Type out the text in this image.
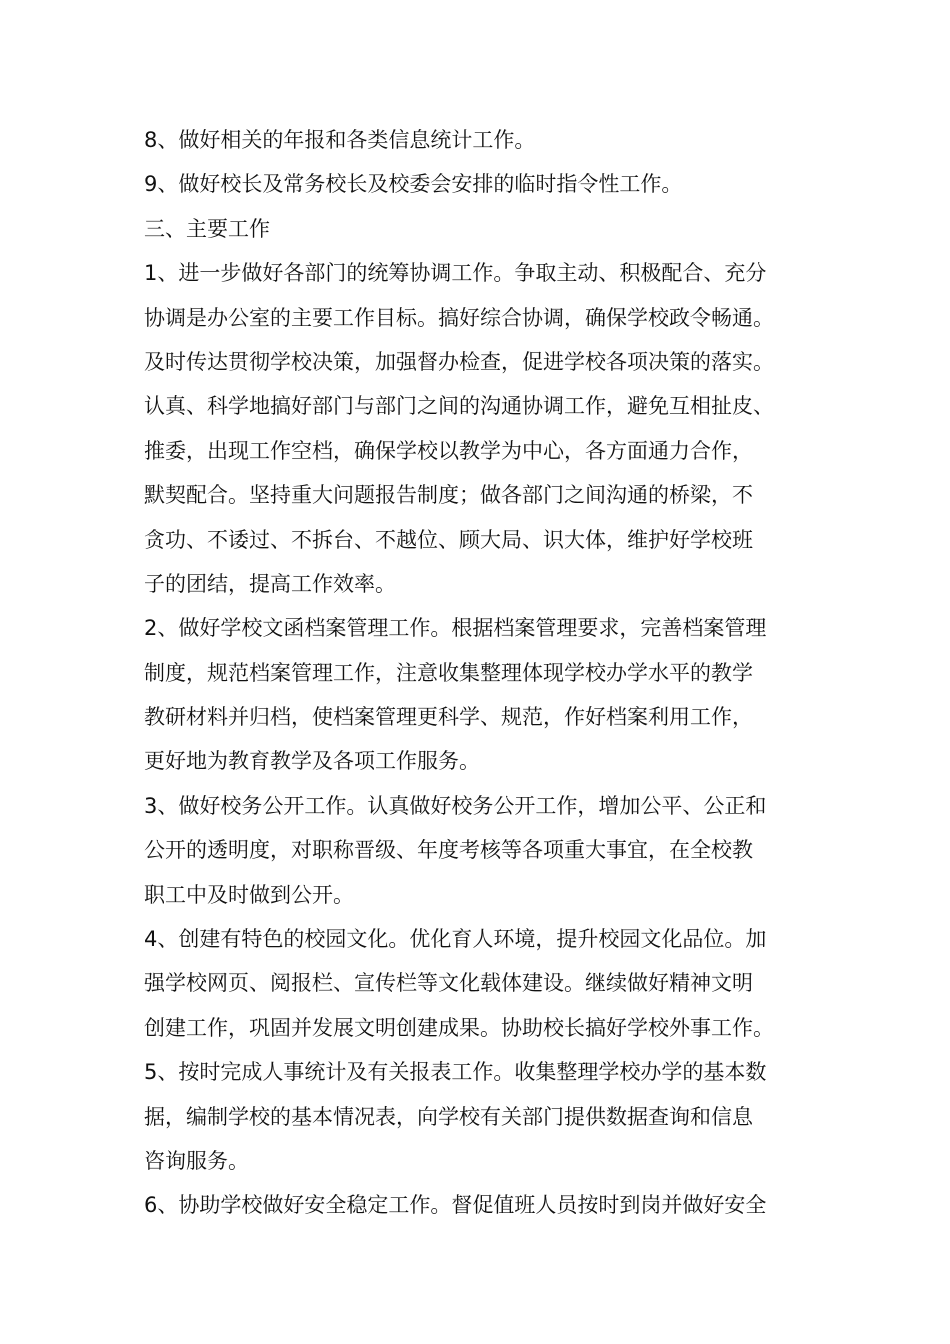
8、做好相关的年报和各类信息统计工作。

9、做好校长及常务校长及校委会安排的临时指令性工作。

三、主要工作

1、进一步做好各部门的统筹协调工作。争取主动、积极配合、充分
协调是办公室的主要工作目标。搞好综合协调，确保学校政令畅通。
及时传达贯彻学校决策，加强督办检查，促进学校各项决策的落实。
认真、科学地搞好部门与部门之间的沟通协调工作，避免互相扯皮、
推委，出现工作空档，确保学校以教学为中心，各方面通力合作，
默契配合。坚持重大问题报告制度；做各部门之间沟通的桥梁，不
贪功、不诿过、不拆台、不越位、顾大局、识大体，维护好学校班
子的团结，提高工作效率。

2、做好学校文函档案管理工作。根据档案管理要求，完善档案管理
制度，规范档案管理工作，注意收集整理体现学校办学水平的教学
教研材料并归档，使档案管理更科学、规范，作好档案利用工作，
更好地为教育教学及各项工作服务。

3、做好校务公开工作。认真做好校务公开工作，增加公平、公正和
公开的透明度，对职称晋级、年度考核等各项重大事宜，在全校教
职工中及时做到公开。

4、创建有特色的校园文化。优化育人环境，提升校园文化品位。加
强学校网页、阅报栏、宣传栏等文化载体建设。继续做好精神文明
创建工作，巩固并发展文明创建成果。协助校长搞好学校外事工作。

5、按时完成人事统计及有关报表工作。收集整理学校办学的基本数
据，编制学校的基本情况表，向学校有关部门提供数据查询和信息
咨询服务。

6、协助学校做好安全稳定工作。督促值班人员按时到岗并做好安全
